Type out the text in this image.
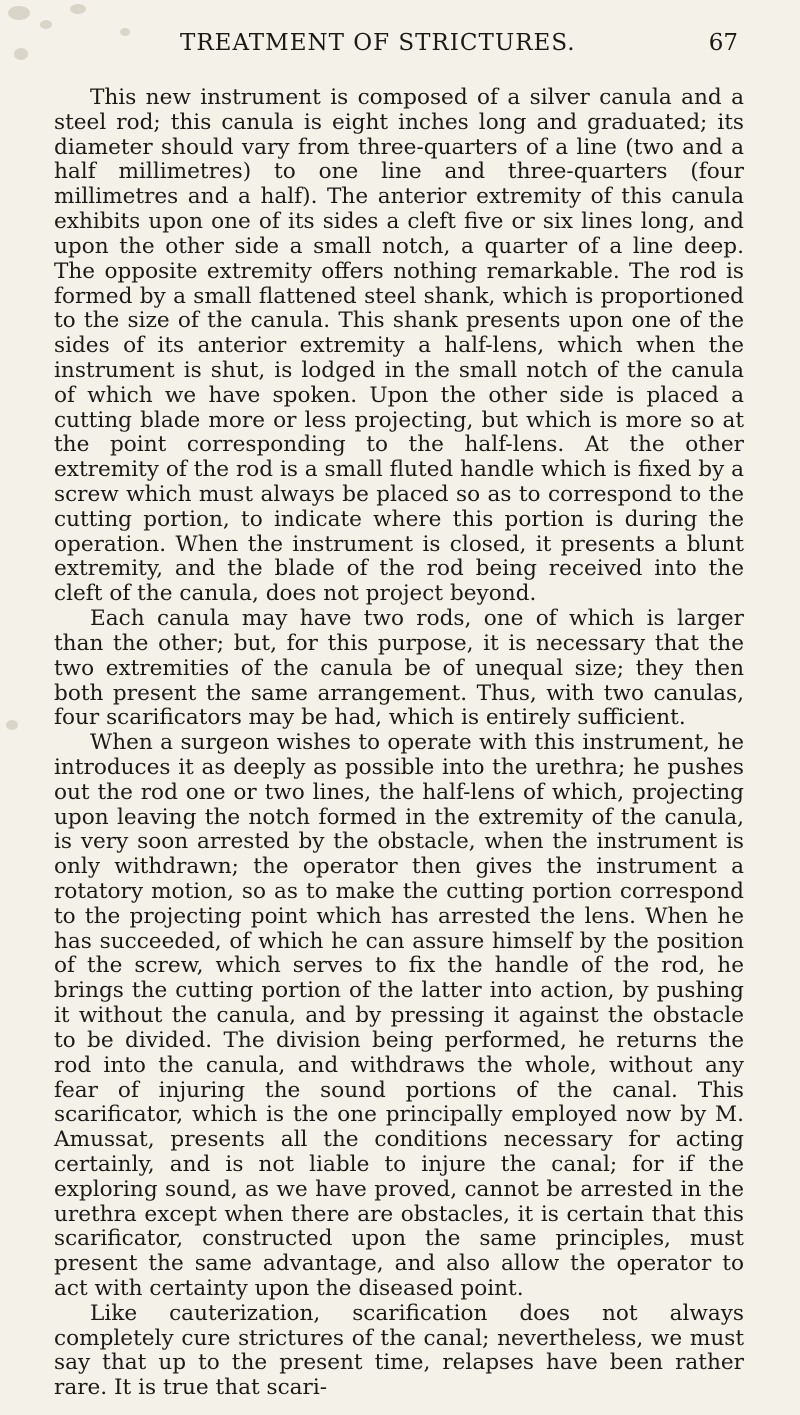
TREATMENT OF STRICTURES.	67

This new instrument is composed of a silver canula and a steel rod; this canula is eight inches long and graduated; its diameter should vary from three-quarters of a line (two and a half millimetres) to one line and three-quarters (four millimetres and a half). The anterior extremity of this canula exhibits upon one of its sides a cleft five or six lines long, and upon the other side a small notch, a quarter of a line deep. The opposite extremity offers nothing remarkable. The rod is formed by a small flattened steel shank, which is proportioned to the size of the canula. This shank presents upon one of the sides of its anterior extremity a half-lens, which when the instrument is shut, is lodged in the small notch of the canula of which we have spoken. Upon the other side is placed a cutting blade more or less projecting, but which is more so at the point corresponding to the half-lens. At the other extremity of the rod is a small fluted handle which is fixed by a screw which must always be placed so as to correspond to the cutting portion, to indicate where this portion is during the operation. When the instrument is closed, it presents a blunt extremity, and the blade of the rod being received into the cleft of the canula, does not project beyond.

Each canula may have two rods, one of which is larger than the other; but, for this purpose, it is necessary that the two extremities of the canula be of unequal size; they then both present the same arrangement. Thus, with two canulas, four scarificators may be had, which is entirely sufficient.

When a surgeon wishes to operate with this instrument, he introduces it as deeply as possible into the urethra; he pushes out the rod one or two lines, the half-lens of which, projecting upon leaving the notch formed in the extremity of the canula, is very soon arrested by the obstacle, when the instrument is only withdrawn; the operator then gives the instrument a rotatory motion, so as to make the cutting portion correspond to the projecting point which has arrested the lens. When he has succeeded, of which he can assure himself by the position of the screw, which serves to fix the handle of the rod, he brings the cutting portion of the latter into action, by pushing it without the canula, and by pressing it against the obstacle to be divided. The division being performed, he returns the rod into the canula, and withdraws the whole, without any fear of injuring the sound portions of the canal. This scarificator, which is the one principally employed now by M. Amussat, presents all the conditions necessary for acting certainly, and is not liable to injure the canal; for if the exploring sound, as we have proved, cannot be arrested in the urethra except when there are obstacles, it is certain that this scarificator, constructed upon the same principles, must present the same advantage, and also allow the operator to act with certainty upon the diseased point.

Like cauterization, scarification does not always completely cure strictures of the canal; nevertheless, we must say that up to the present time, relapses have been rather rare. It is true that scari-
